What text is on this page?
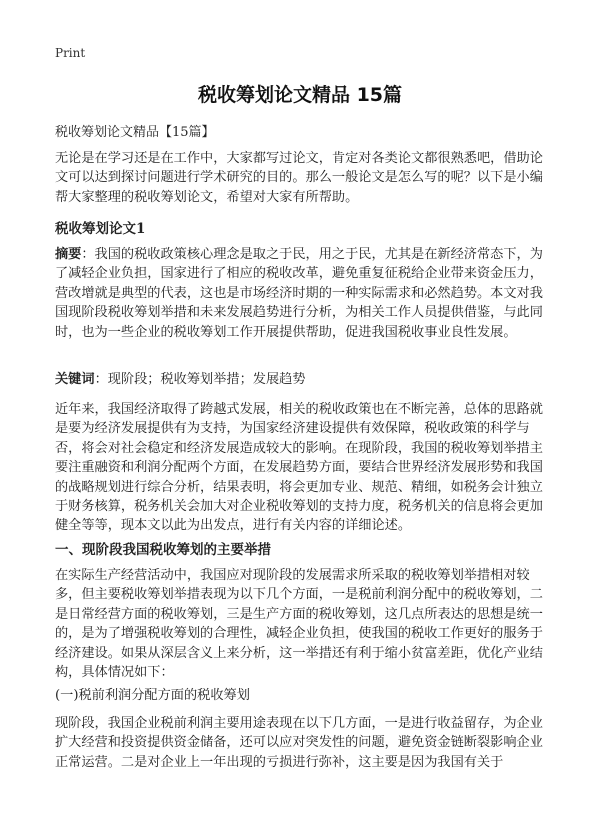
Print
税收筹划论文精品 15篇
税收筹划论文精品【15篇】
无论是在学习还是在工作中，大家都写过论文，肯定对各类论文都很熟悉吧，借助论文可以达到探讨问题进行学术研究的目的。那么一般论文是怎么写的呢？以下是小编帮大家整理的税收筹划论文，希望对大家有所帮助。
税收筹划论文1
摘要：我国的税收政策核心理念是取之于民，用之于民，尤其是在新经济常态下，为了减轻企业负担，国家进行了相应的税收改革，避免重复征税给企业带来资金压力，营改增就是典型的代表，这也是市场经济时期的一种实际需求和必然趋势。本文对我国现阶段税收筹划举措和未来发展趋势进行分析，为相关工作人员提供借鉴，与此同时，也为一些企业的税收筹划工作开展提供帮助，促进我国税收事业良性发展。
关键词：现阶段；税收筹划举措；发展趋势
近年来，我国经济取得了跨越式发展，相关的税收政策也在不断完善，总体的思路就是要为经济发展提供有为支持，为国家经济建设提供有效保障，税收政策的科学与否，将会对社会稳定和经济发展造成较大的影响。在现阶段，我国的税收筹划举措主要注重融资和利润分配两个方面，在发展趋势方面，要结合世界经济发展形势和我国的战略规划进行综合分析，结果表明，将会更加专业、规范、精细，如税务会计独立于财务核算，税务机关会加大对企业税收筹划的支持力度，税务机关的信息将会更加健全等等，现本文以此为出发点，进行有关内容的详细论述。
一、现阶段我国税收筹划的主要举措
在实际生产经营活动中，我国应对现阶段的发展需求所采取的税收筹划举措相对较多，但主要税收筹划举措表现为以下几个方面，一是税前利润分配中的税收筹划，二是日常经营方面的税收筹划，三是生产方面的税收筹划，这几点所表达的思想是统一的，是为了增强税收筹划的合理性，减轻企业负担，使我国的税收工作更好的服务于经济建设。如果从深层含义上来分析，这一举措还有利于缩小贫富差距，优化产业结构，具体情况如下：
(一)税前利润分配方面的税收筹划
现阶段，我国企业税前利润主要用途表现在以下几方面，一是进行收益留存，为企业扩大经营和投资提供资金储备，还可以应对突发性的问题，避免资金链断裂影响企业正常运营。二是对企业上一年出现的亏损进行弥补，这主要是因为我国有关于
